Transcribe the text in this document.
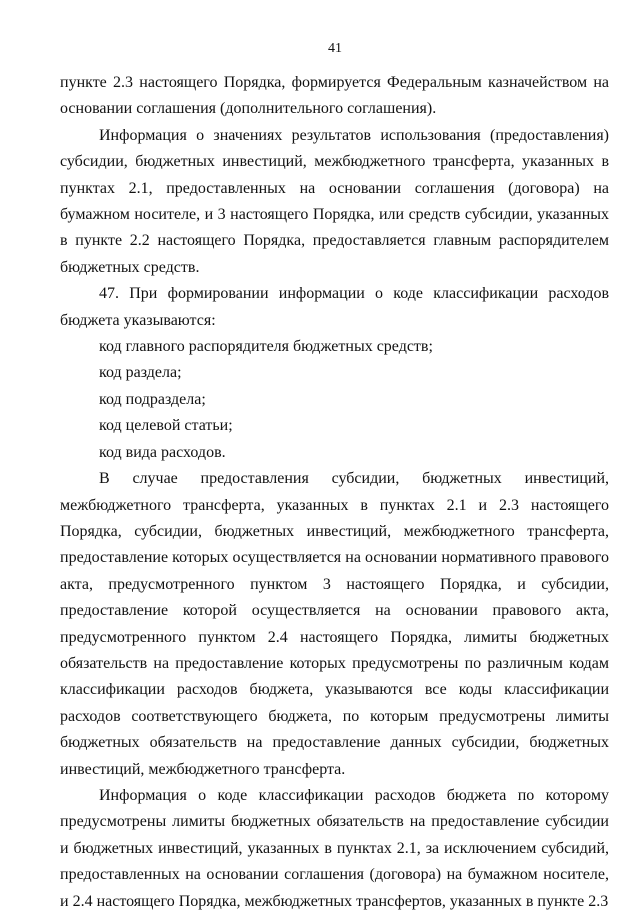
41

пункте 2.3 настоящего Порядка, формируется Федеральным казначейством на основании соглашения (дополнительного соглашения).

Информация о значениях результатов использования (предоставления) субсидии, бюджетных инвестиций, межбюджетного трансферта, указанных в пунктах 2.1, предоставленных на основании соглашения (договора) на бумажном носителе, и 3 настоящего Порядка, или средств субсидии, указанных в пункте 2.2 настоящего Порядка, предоставляется главным распорядителем бюджетных средств.

47. При формировании информации о коде классификации расходов бюджета указываются:

код главного распорядителя бюджетных средств;

код раздела;

код подраздела;

код целевой статьи;

код вида расходов.

В случае предоставления субсидии, бюджетных инвестиций, межбюджетного трансферта, указанных в пунктах 2.1 и 2.3 настоящего Порядка, субсидии, бюджетных инвестиций, межбюджетного трансферта, предоставление которых осуществляется на основании нормативного правового акта, предусмотренного пунктом 3 настоящего Порядка, и субсидии, предоставление которой осуществляется на основании правового акта, предусмотренного пунктом 2.4 настоящего Порядка, лимиты бюджетных обязательств на предоставление которых предусмотрены по различным кодам классификации расходов бюджета, указываются все коды классификации расходов соответствующего бюджета, по которым предусмотрены лимиты бюджетных обязательств на предоставление данных субсидии, бюджетных инвестиций, межбюджетного трансферта.

Информация о коде классификации расходов бюджета по которому предусмотрены лимиты бюджетных обязательств на предоставление субсидии и бюджетных инвестиций, указанных в пунктах 2.1, за исключением субсидий, предоставленных на основании соглашения (договора) на бумажном носителе, и 2.4 настоящего Порядка, межбюджетных трансфертов, указанных в пункте 2.3
